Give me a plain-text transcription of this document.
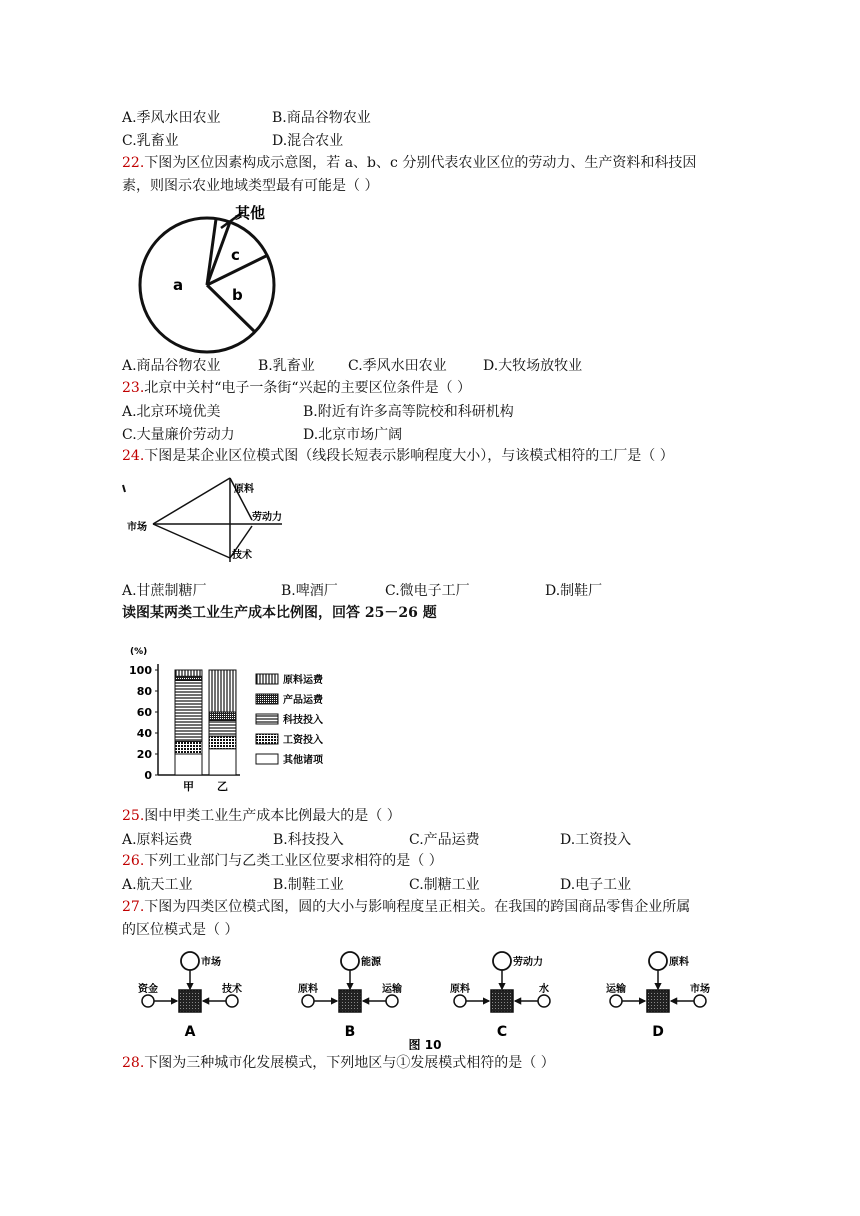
A.季风水田农业	B.商品谷物农业
C.乳畜业	D.混合农业
22.下图为区位因素构成示意图，若 a、b、c 分别代表农业区位的劳动力、生产资料和科技因
素，则图示农业地域类型最有可能是（ ）
其他
a
c
b
A.商品谷物农业	B.乳畜业 C.季风水田农业	D.大牧场放牧业
23.北京中关村“电子一条街“兴起的主要区位条件是（ ）
A.北京环境优美	B.附近有许多高等院校和科研机构
C.大量廉价劳动力	D.北京市场广阔
24.下图是某企业区位模式图（线段长短表示影响程度大小），与该模式相符的工厂是（ ）
原料
劳动力
市场
技术
A.甘蔗制糖厂	B.啤酒厂	C.微电子工厂	D.制鞋厂
读图某两类工业生产成本比例图，回答 25－26 题
(%)
100
80
60
40
20
0
甲 乙
原料运费
产品运费
科技投入
工资投入
其他诸项
25.图中甲类工业生产成本比例最大的是（ ）
A.原料运费	B.科技投入	C.产品运费	D.工资投入
26.下列工业部门与乙类工业区位要求相符的是（ ）
A.航天工业	B.制鞋工业	C.制糖工业	D.电子工业
27.下图为四类区位模式图，圆的大小与影响程度呈正相关。在我国的跨国商品零售企业所属
的区位模式是（ ）
市场
资金	技术
A
能源
原料	运输
B
劳动力
原料	水
C
原料
运输	市场
D
图 10
28.下图为三种城市化发展模式，下列地区与①发展模式相符的是（ ）
